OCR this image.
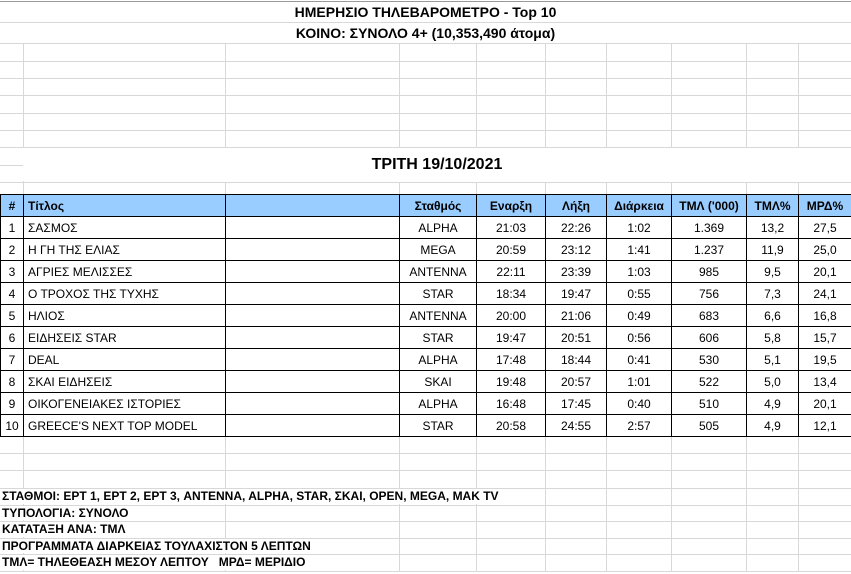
ΗΜΕΡΗΣΙΟ ΤΗΛΕΒΑΡΟΜΕΤΡΟ - Top 10
ΚΟΙΝΟ: ΣΥΝΟΛΟ 4+ (10,353,490 άτομα)
ΤΡΙΤΗ 19/10/2021
#	Τίτλος		Σταθμός	Εναρξη	Λήξη	Διάρκεια	ΤΜΛ ('000)	ΤΜΛ%	ΜΡΔ%
1	ΣΑΣΜΟΣ		ALPHA	21:03	22:26	1:02	1.369	13,2	27,5
2	Η ΓΗ ΤΗΣ ΕΛΙΑΣ		MEGA	20:59	23:12	1:41	1.237	11,9	25,0
3	ΑΓΡΙΕΣ ΜΕΛΙΣΣΕΣ		ANTENNA	22:11	23:39	1:03	985	9,5	20,1
4	Ο ΤΡΟΧΟΣ ΤΗΣ ΤΥΧΗΣ		STAR	18:34	19:47	0:55	756	7,3	24,1
5	ΗΛΙΟΣ		ANTENNA	20:00	21:06	0:49	683	6,6	16,8
6	ΕΙΔΗΣΕΙΣ STAR		STAR	19:47	20:51	0:56	606	5,8	15,7
7	DEAL		ALPHA	17:48	18:44	0:41	530	5,1	19,5
8	ΣΚΑΙ ΕΙΔΗΣΕΙΣ		SKAI	19:48	20:57	1:01	522	5,0	13,4
9	ΟΙΚΟΓΕΝΕΙΑΚΕΣ ΙΣΤΟΡΙΕΣ		ALPHA	16:48	17:45	0:40	510	4,9	20,1
10	GREECE'S NEXT TOP MODEL		STAR	20:58	24:55	2:57	505	4,9	12,1
ΣΤΑΘΜΟΙ: ΕΡΤ 1, ΕΡΤ 2, ΕΡΤ 3, ANTENNA, ALPHA, STAR, ΣΚΑΙ, OPEN, MEGA, MAK TV
ΤΥΠΟΛΟΓΙΑ: ΣΥΝΟΛΟ
ΚΑΤΑΤΑΞΗ ΑΝΑ: ΤΜΛ
ΠΡΟΓΡΑΜΜΑΤΑ ΔΙΑΡΚΕΙΑΣ ΤΟΥΛΑΧΙΣΤΟΝ 5 ΛΕΠΤΩΝ
ΤΜΛ= ΤΗΛΕΘΕΑΣΗ ΜΕΣΟΥ ΛΕΠΤΟΥ   ΜΡΔ= ΜΕΡΙΔΙΟ
